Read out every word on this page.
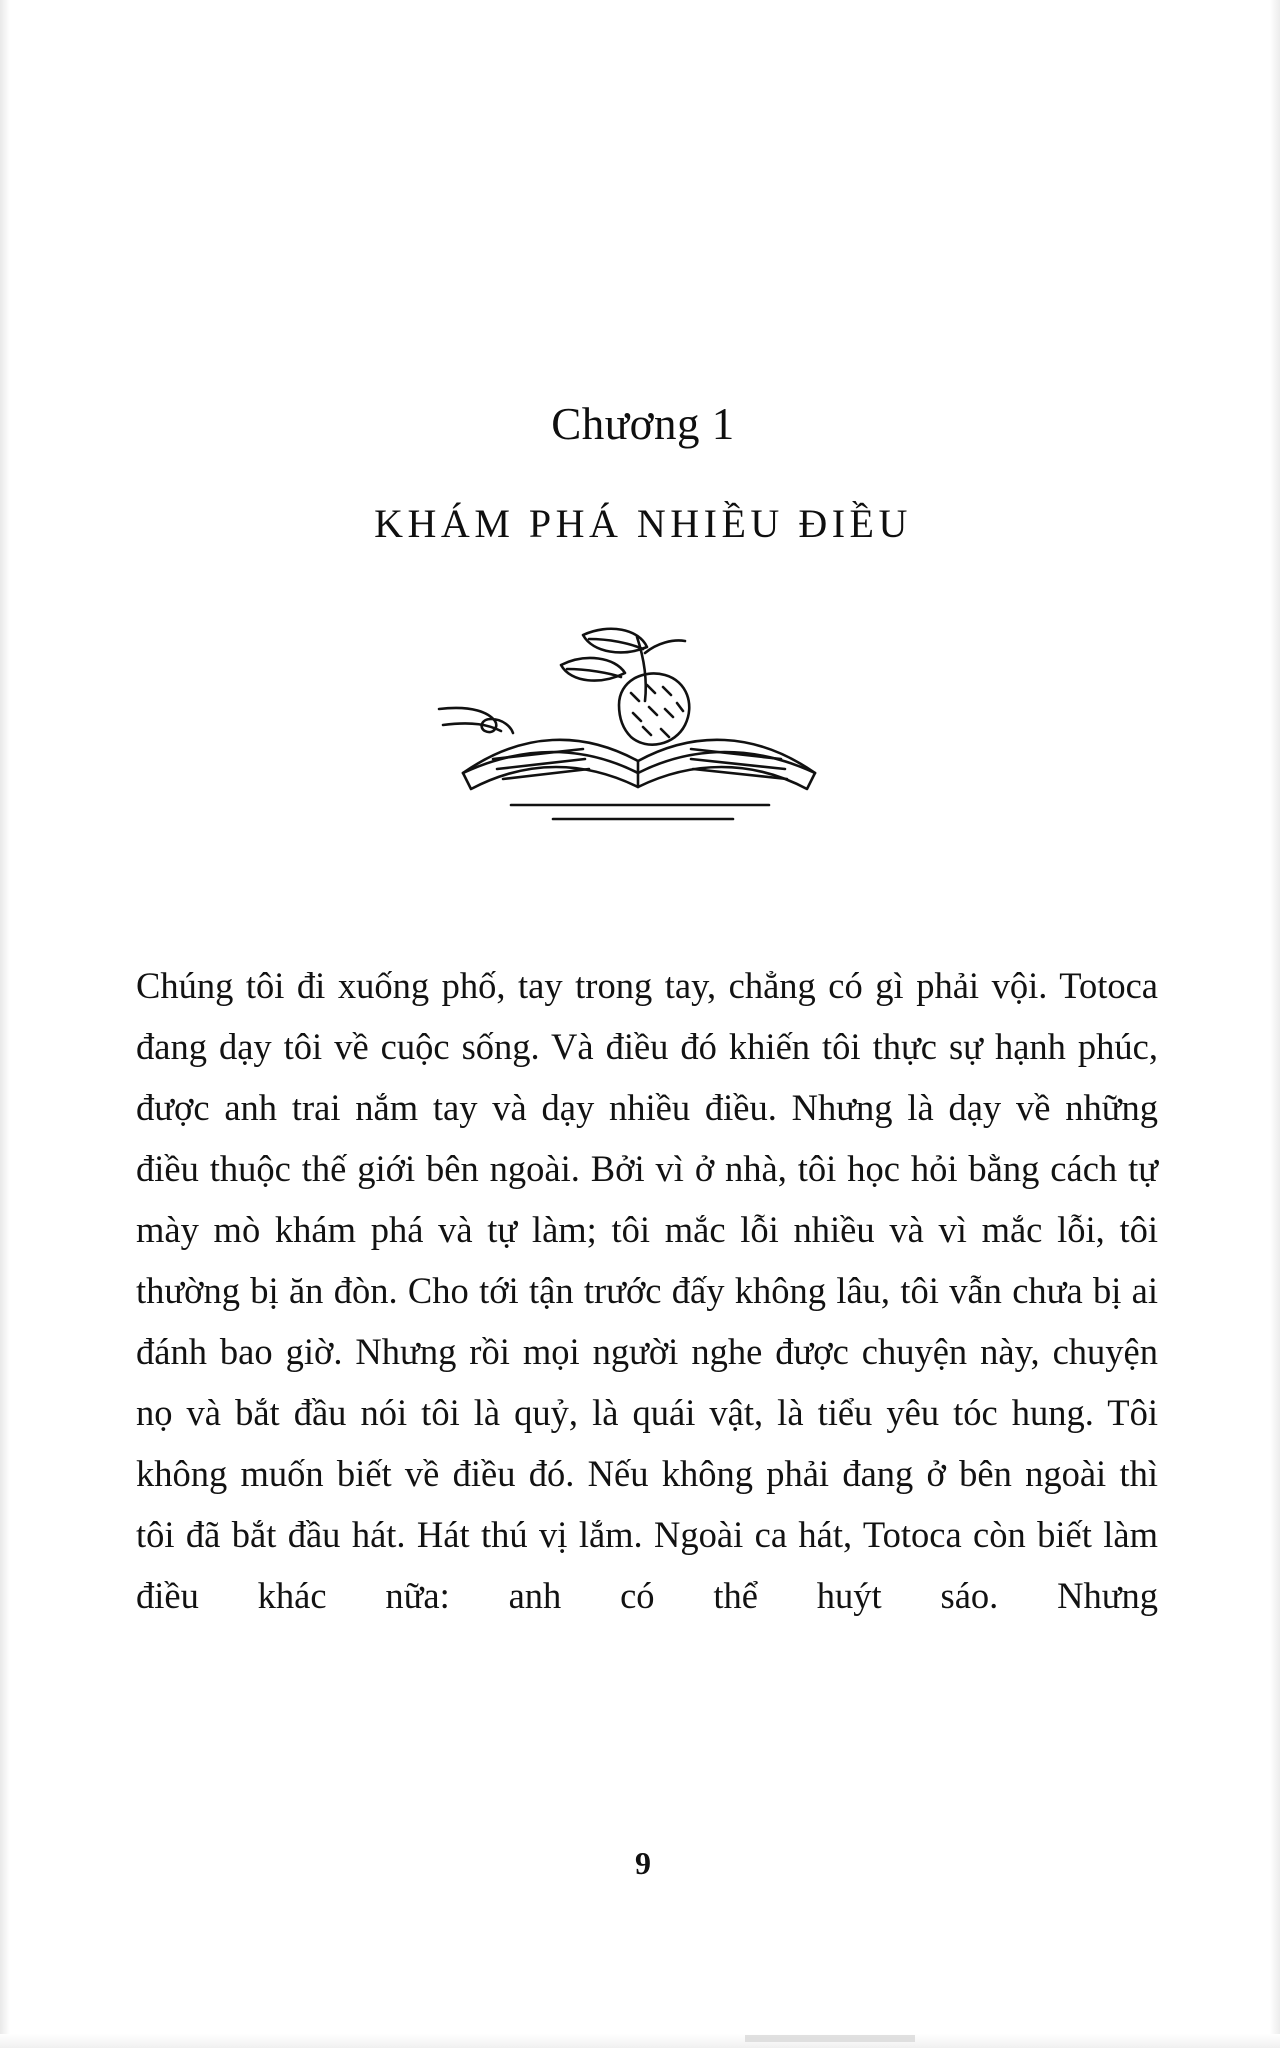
Chương 1
KHÁM PHÁ NHIỀU ĐIỀU

Chúng tôi đi xuống phố, tay trong tay, chẳng có gì phải vội. Totoca đang dạy tôi về cuộc sống. Và điều đó khiến tôi thực sự hạnh phúc, được anh trai nắm tay và dạy nhiều điều. Nhưng là dạy về những điều thuộc thế giới bên ngoài. Bởi vì ở nhà, tôi học hỏi bằng cách tự mày mò khám phá và tự làm; tôi mắc lỗi nhiều và vì mắc lỗi, tôi thường bị ăn đòn. Cho tới tận trước đấy không lâu, tôi vẫn chưa bị ai đánh bao giờ. Nhưng rồi mọi người nghe được chuyện này, chuyện nọ và bắt đầu nói tôi là quỷ, là quái vật, là tiểu yêu tóc hung. Tôi không muốn biết về điều đó. Nếu không phải đang ở bên ngoài thì tôi đã bắt đầu hát. Hát thú vị lắm. Ngoài ca hát, Totoca còn biết làm điều khác nữa: anh có thể huýt sáo. Nhưng

9
